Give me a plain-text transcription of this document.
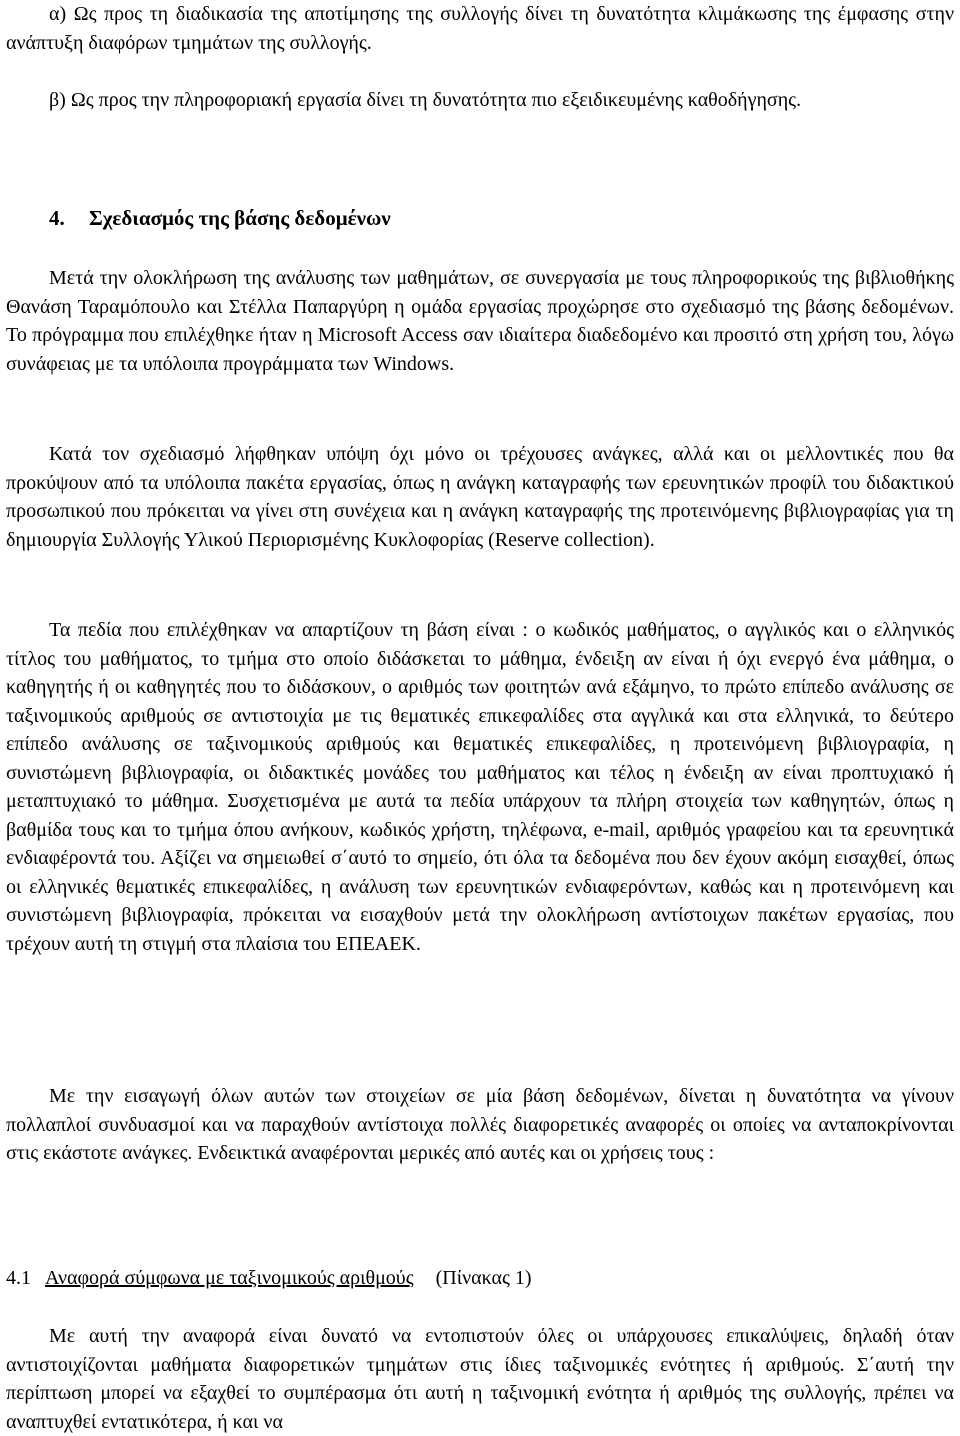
α) Ως προς τη διαδικασία της αποτίμησης της συλλογής δίνει τη δυνατότητα κλιμάκωσης της έμφασης στην ανάπτυξη διαφόρων τμημάτων της συλλογής.

β) Ως προς την πληροφοριακή εργασία δίνει τη δυνατότητα πιο εξειδικευμένης καθοδήγησης.

4. Σχεδιασμός της βάσης δεδομένων

Μετά την ολοκλήρωση της ανάλυσης των μαθημάτων, σε συνεργασία με τους πληροφορικούς της βιβλιοθήκης Θανάση Ταραμόπουλο και Στέλλα Παπαργύρη η ομάδα εργασίας προχώρησε στο σχεδιασμό της βάσης δεδομένων. Το πρόγραμμα που επιλέχθηκε ήταν η Microsoft Access σαν ιδιαίτερα διαδεδομένο και προσιτό στη χρήση του, λόγω συνάφειας με τα υπόλοιπα προγράμματα των Windows.

Κατά τον σχεδιασμό λήφθηκαν υπόψη όχι μόνο οι τρέχουσες ανάγκες, αλλά και οι μελλοντικές που θα προκύψουν από τα υπόλοιπα πακέτα εργασίας, όπως η ανάγκη καταγραφής των ερευνητικών προφίλ του διδακτικού προσωπικού που πρόκειται να γίνει στη συνέχεια και η ανάγκη καταγραφής της προτεινόμενης βιβλιογραφίας για τη δημιουργία Συλλογής Υλικού Περιορισμένης Κυκλοφορίας (Reserve collection).

Τα πεδία που επιλέχθηκαν να απαρτίζουν τη βάση είναι : ο κωδικός μαθήματος, ο αγγλικός και ο ελληνικός τίτλος του μαθήματος, το τμήμα στο οποίο διδάσκεται το μάθημα, ένδειξη αν είναι ή όχι ενεργό ένα μάθημα, ο καθηγητής ή οι καθηγητές που το διδάσκουν, ο αριθμός των φοιτητών ανά εξάμηνο, το πρώτο επίπεδο ανάλυσης σε ταξινομικούς αριθμούς σε αντιστοιχία με τις θεματικές επικεφαλίδες στα αγγλικά και στα ελληνικά, το δεύτερο επίπεδο ανάλυσης σε ταξινομικούς αριθμούς και θεματικές επικεφαλίδες, η προτεινόμενη βιβλιογραφία, η συνιστώμενη βιβλιογραφία, οι διδακτικές μονάδες του μαθήματος και τέλος η ένδειξη αν είναι προπτυχιακό ή μεταπτυχιακό το μάθημα. Συσχετισμένα με αυτά τα πεδία υπάρχουν τα πλήρη στοιχεία των καθηγητών, όπως η βαθμίδα τους και το τμήμα όπου ανήκουν, κωδικός χρήστη, τηλέφωνα, e-mail, αριθμός γραφείου και τα ερευνητικά ενδιαφέροντά του. Αξίζει να σημειωθεί σ΄αυτό το σημείο, ότι όλα τα δεδομένα που δεν έχουν ακόμη εισαχθεί, όπως οι ελληνικές θεματικές επικεφαλίδες, η ανάλυση των ερευνητικών ενδιαφερόντων, καθώς και η προτεινόμενη και συνιστώμενη βιβλιογραφία, πρόκειται να εισαχθούν μετά την ολοκλήρωση αντίστοιχων πακέτων εργασίας, που τρέχουν αυτή τη στιγμή στα πλαίσια του ΕΠΕΑΕΚ.

Με την εισαγωγή όλων αυτών των στοιχείων σε μία βάση δεδομένων, δίνεται η δυνατότητα να γίνουν πολλαπλοί συνδυασμοί και να παραχθούν αντίστοιχα πολλές διαφορετικές αναφορές οι οποίες να ανταποκρίνονται στις εκάστοτε ανάγκες. Ενδεικτικά αναφέρονται μερικές από αυτές και οι χρήσεις τους :

4.1 Αναφορά σύμφωνα με ταξινομικούς αριθμούς (Πίνακας 1)

Με αυτή την αναφορά είναι δυνατό να εντοπιστούν όλες οι υπάρχουσες επικαλύψεις, δηλαδή όταν αντιστοιχίζονται μαθήματα διαφορετικών τμημάτων στις ίδιες ταξινομικές ενότητες ή αριθμούς. Σ΄αυτή την περίπτωση μπορεί να εξαχθεί το συμπέρασμα ότι αυτή η ταξινομική ενότητα ή αριθμός της συλλογής, πρέπει να αναπτυχθεί εντατικότερα, ή και να
